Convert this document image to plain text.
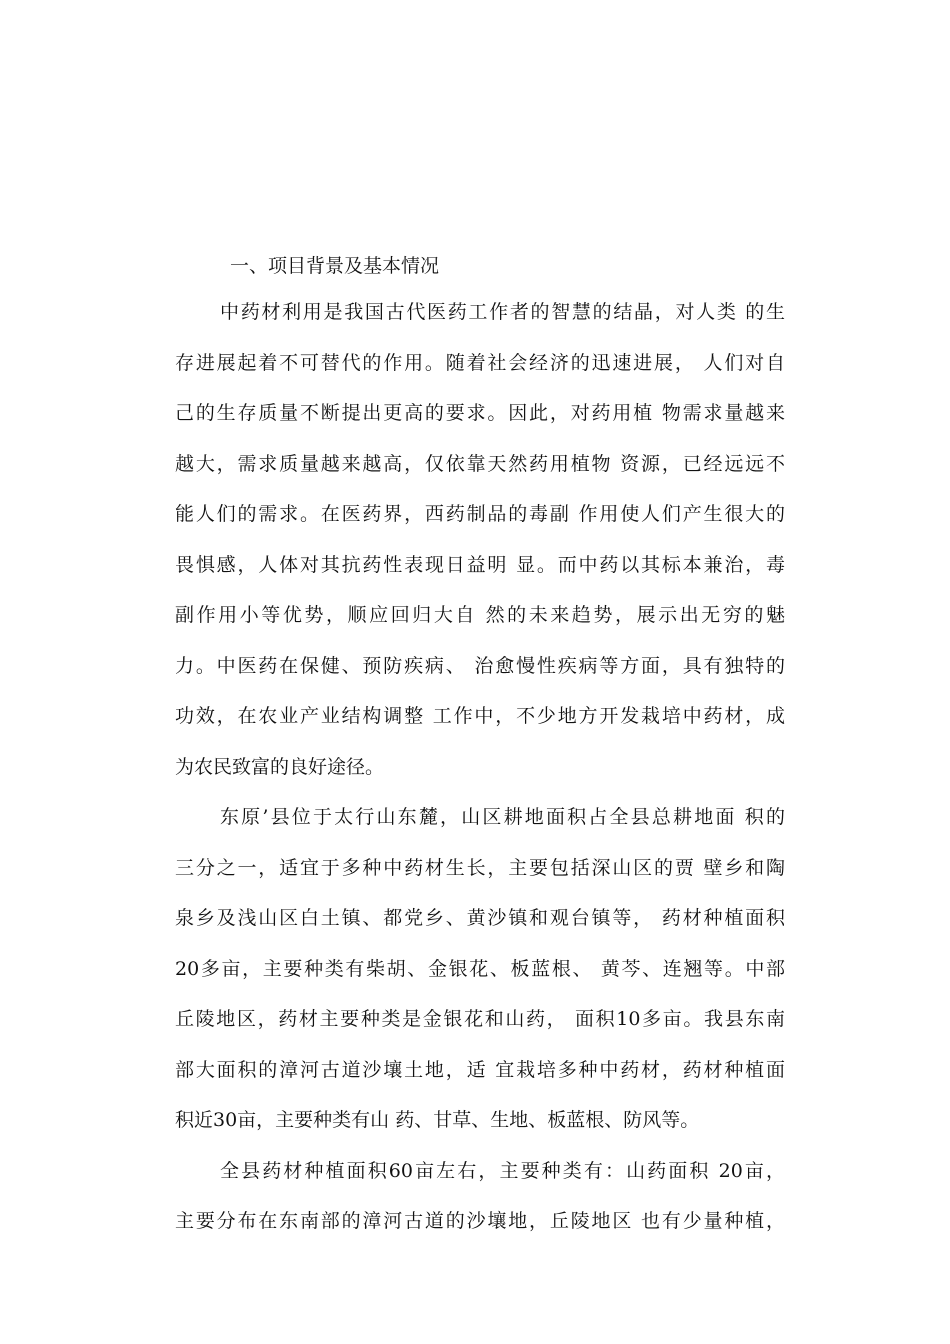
一、项目背景及基本情况
中药材利用是我国古代医药工作者的智慧的结晶，对人类 的生
存进展起着不可替代的作用。随着社会经济的迅速进展， 人们对自
己的生存质量不断提出更高的要求。因此，对药用植 物需求量越来
越大，需求质量越来越高，仅依靠天然药用植物 资源，已经远远不
能人们的需求。在医药界，西药制品的毒副 作用使人们产生很大的
畏惧感，人体对其抗药性表现日益明 显。而中药以其标本兼治，毒
副作用小等优势，顺应回归大自 然的未来趋势，展示出无穷的魅
力。中医药在保健、预防疾病、 治愈慢性疾病等方面，具有独特的
功效，在农业产业结构调整 工作中，不少地方开发栽培中药材，成
为农民致富的良好途径。
东原’县位于太行山东麓，山区耕地面积占全县总耕地面 积的
三分之一，适宜于多种中药材生长，主要包括深山区的贾 壁乡和陶
泉乡及浅山区白土镇、都党乡、黄沙镇和观台镇等， 药材种植面积
20多亩，主要种类有柴胡、金银花、板蓝根、 黄芩、连翘等。中部
丘陵地区，药材主要种类是金银花和山药， 面积10多亩。我县东南
部大面积的漳河古道沙壤土地，适 宜栽培多种中药材，药材种植面
积近30亩，主要种类有山 药、甘草、生地、板蓝根、防风等。
全县药材种植面积60亩左右，主要种类有：山药面积 20亩，
主要分布在东南部的漳河古道的沙壤地，丘陵地区 也有少量种植，
